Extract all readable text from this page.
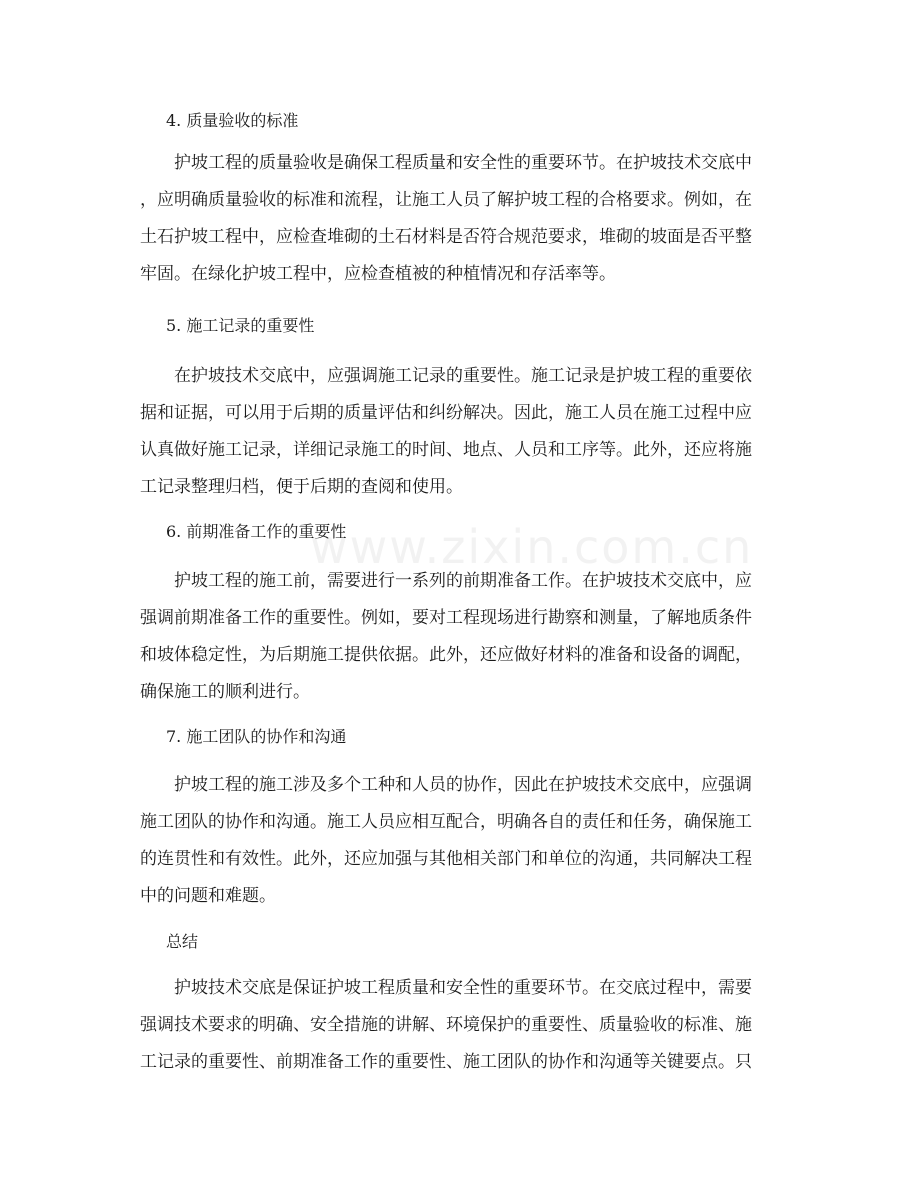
www.zixin.com.cn
4. 质量验收的标准
　　护坡工程的质量验收是确保工程质量和安全性的重要环节。在护坡技术交底中
，应明确质量验收的标准和流程，让施工人员了解护坡工程的合格要求。例如，在
土石护坡工程中，应检查堆砌的土石材料是否符合规范要求，堆砌的坡面是否平整
牢固。在绿化护坡工程中，应检查植被的种植情况和存活率等。
5. 施工记录的重要性
　　在护坡技术交底中，应强调施工记录的重要性。施工记录是护坡工程的重要依
据和证据，可以用于后期的质量评估和纠纷解决。因此，施工人员在施工过程中应
认真做好施工记录，详细记录施工的时间、地点、人员和工序等。此外，还应将施
工记录整理归档，便于后期的查阅和使用。
6. 前期准备工作的重要性
　　护坡工程的施工前，需要进行一系列的前期准备工作。在护坡技术交底中，应
强调前期准备工作的重要性。例如，要对工程现场进行勘察和测量，了解地质条件
和坡体稳定性，为后期施工提供依据。此外，还应做好材料的准备和设备的调配，
确保施工的顺利进行。
7. 施工团队的协作和沟通
　　护坡工程的施工涉及多个工种和人员的协作，因此在护坡技术交底中，应强调
施工团队的协作和沟通。施工人员应相互配合，明确各自的责任和任务，确保施工
的连贯性和有效性。此外，还应加强与其他相关部门和单位的沟通，共同解决工程
中的问题和难题。
总结
　　护坡技术交底是保证护坡工程质量和安全性的重要环节。在交底过程中，需要
强调技术要求的明确、安全措施的讲解、环境保护的重要性、质量验收的标准、施
工记录的重要性、前期准备工作的重要性、施工团队的协作和沟通等关键要点。只
